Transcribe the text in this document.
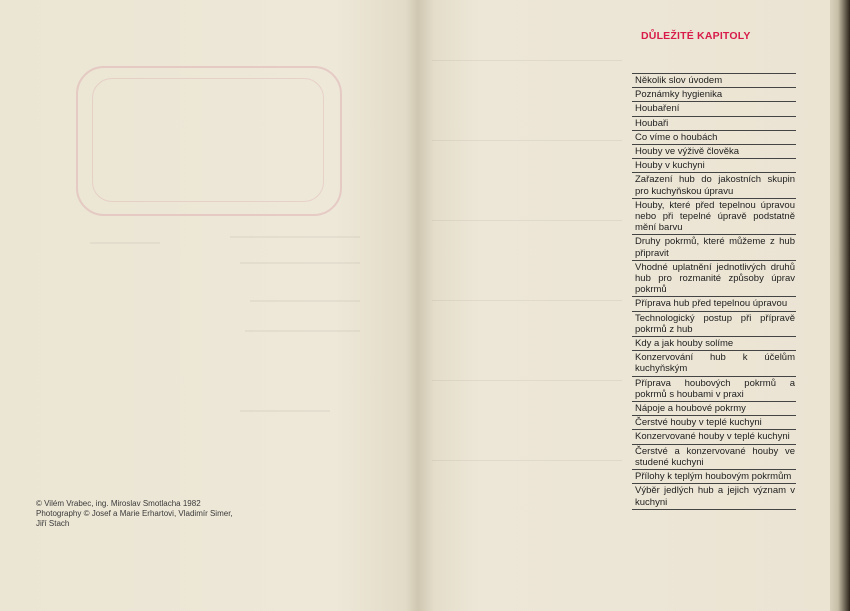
© Vilém Vrabec, ing. Miroslav Smotlacha 1982
Photography © Josef a Marie Erhartovi, Vladimír Simer,
Jiří Stach
DŮLEŽITÉ KAPITOLY
Několik slov úvodem
Poznámky hygienika
Houbaření
Houbaři
Co víme o houbách
Houby ve výživě člověka
Houby v kuchyni
Zařazení hub do jakostních skupin pro kuchyňskou úpravu
Houby, které před tepelnou úpravou nebo při tepelné úpravě podstatně mění barvu
Druhy pokrmů, které můžeme z hub připravit
Vhodné uplatnění jednotlivých druhů hub pro rozmanité způsoby úprav pokrmů
Příprava hub před tepelnou úpravou
Technologický postup při přípravě pokrmů z hub
Kdy a jak houby solíme
Konzervování hub k účelům kuchyňským
Příprava houbových pokrmů a pokrmů s houbami v praxi
Nápoje a houbové pokrmy
Čerstvé houby v teplé kuchyni
Konzervované houby v teplé kuchyni
Čerstvé a konzervované houby ve studené kuchyni
Přílohy k teplým houbovým pokrmům
Výběr jedlých hub a jejich význam v kuchyni
